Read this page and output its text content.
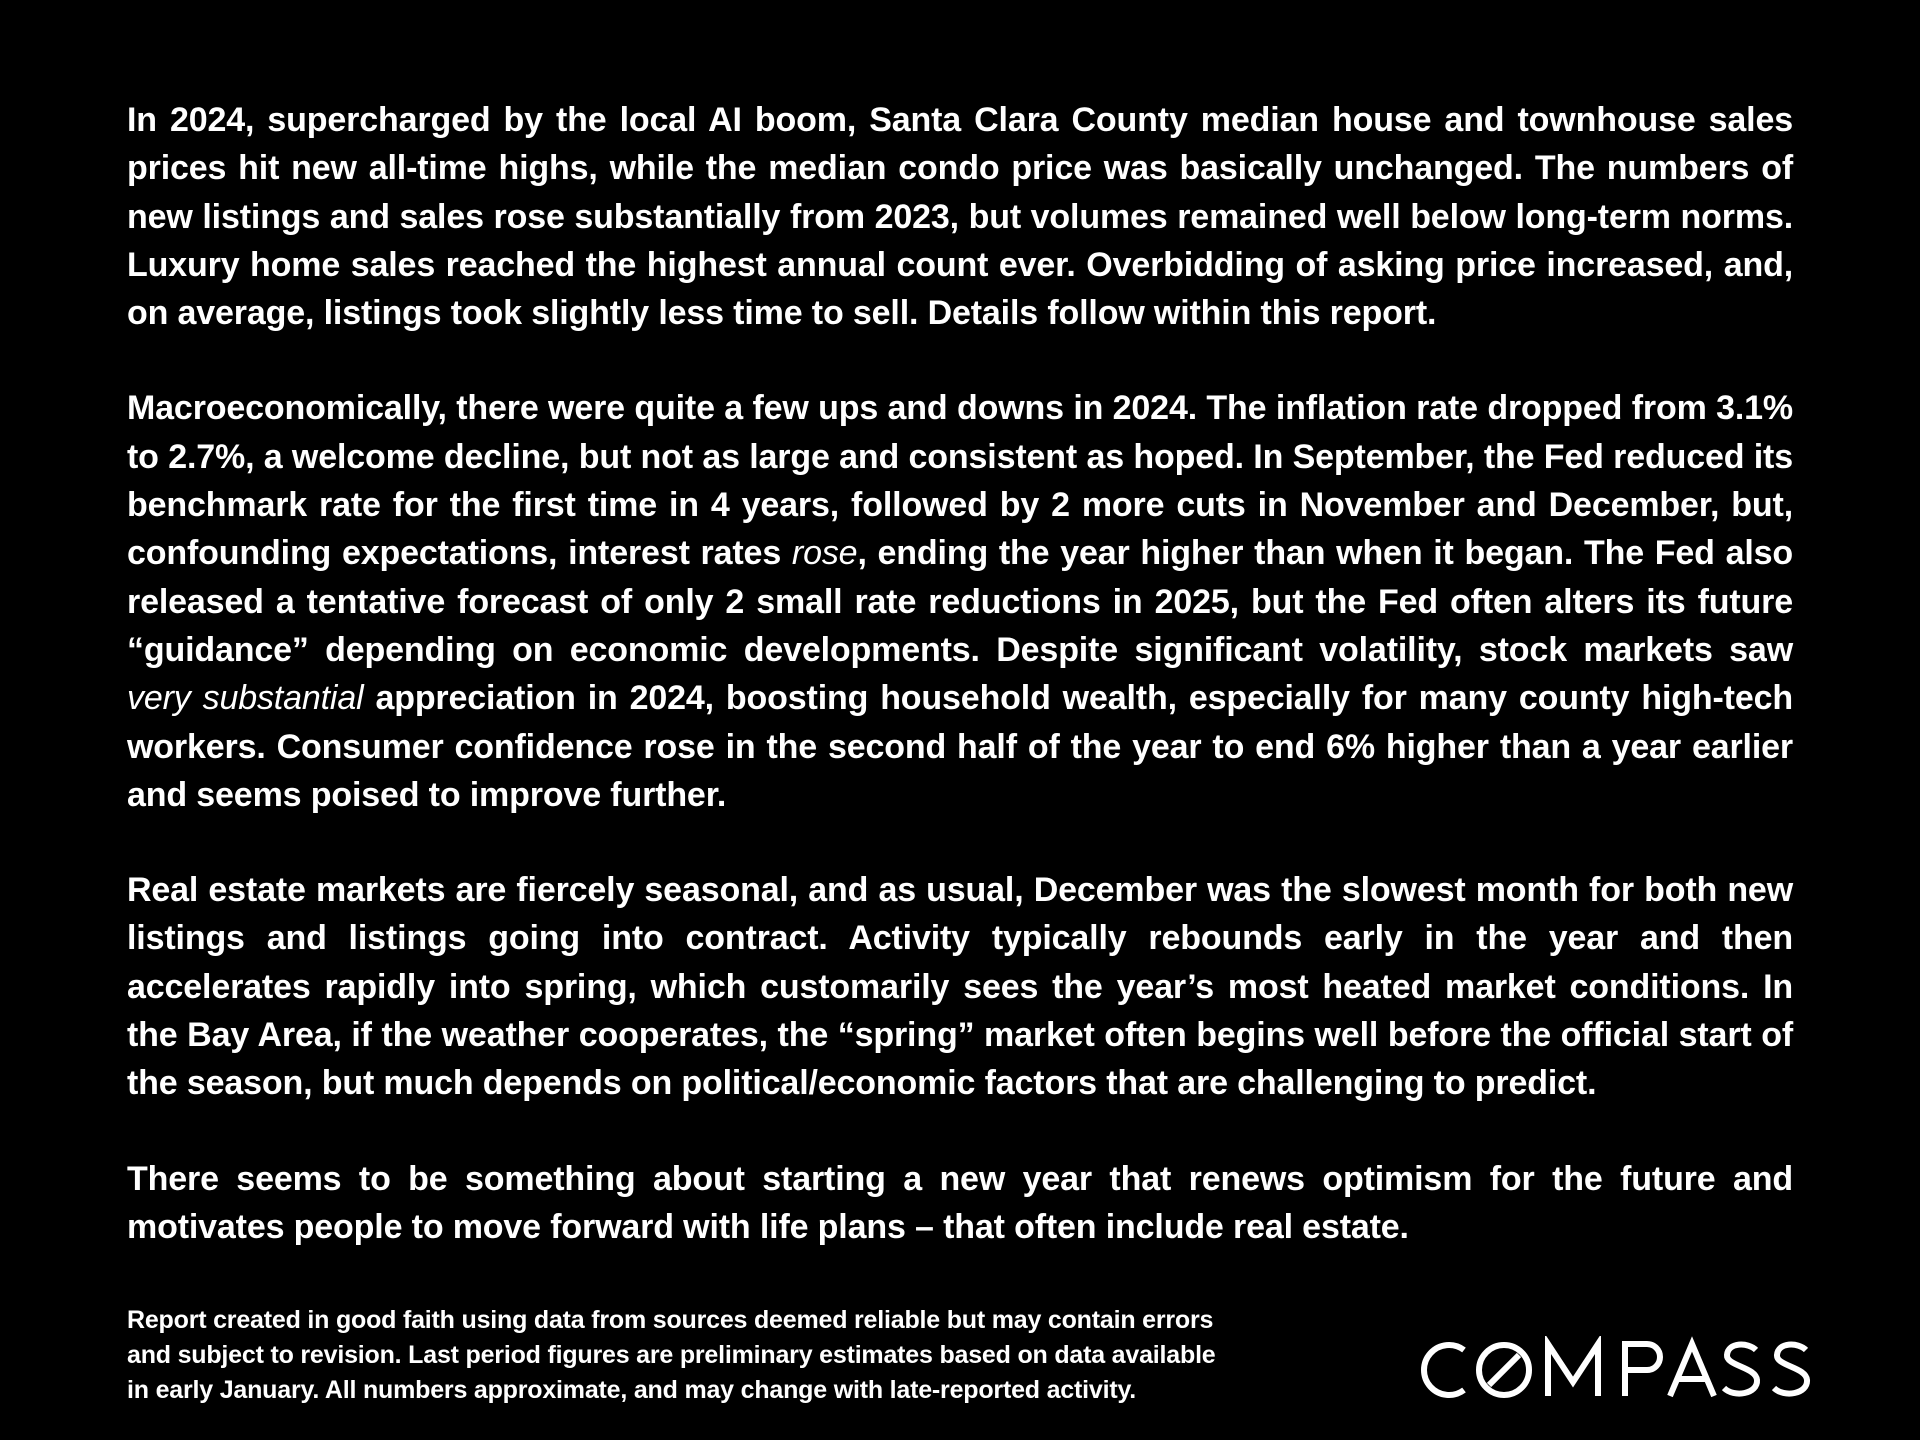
In 2024, supercharged by the local AI boom, Santa Clara County median house and townhouse sales prices hit new all-time highs, while the median condo price was basically unchanged. The numbers of new listings and sales rose substantially from 2023, but volumes remained well below long-term norms. Luxury home sales reached the highest annual count ever. Overbidding of asking price increased, and, on average, listings took slightly less time to sell. Details follow within this report.

Macroeconomically, there were quite a few ups and downs in 2024. The inflation rate dropped from 3.1% to 2.7%, a welcome decline, but not as large and consistent as hoped. In September, the Fed reduced its benchmark rate for the first time in 4 years, followed by 2 more cuts in November and December, but, confounding expectations, interest rates rose, ending the year higher than when it began. The Fed also released a tentative forecast of only 2 small rate reductions in 2025, but the Fed often alters its future “guidance” depending on economic developments. Despite significant volatility, stock markets saw very substantial appreciation in 2024, boosting household wealth, especially for many county high-tech workers. Consumer confidence rose in the second half of the year to end 6% higher than a year earlier and seems poised to improve further.

Real estate markets are fiercely seasonal, and as usual, December was the slowest month for both new listings and listings going into contract. Activity typically rebounds early in the year and then accelerates rapidly into spring, which customarily sees the year’s most heated market conditions. In the Bay Area, if the weather cooperates, the “spring” market often begins well before the official start of the season, but much depends on political/economic factors that are challenging to predict.

There seems to be something about starting a new year that renews optimism for the future and motivates people to move forward with life plans – that often include real estate.

Report created in good faith using data from sources deemed reliable but may contain errors
and subject to revision. Last period figures are preliminary estimates based on data available
in early January. All numbers approximate, and may change with late-reported activity.
COMPASS
